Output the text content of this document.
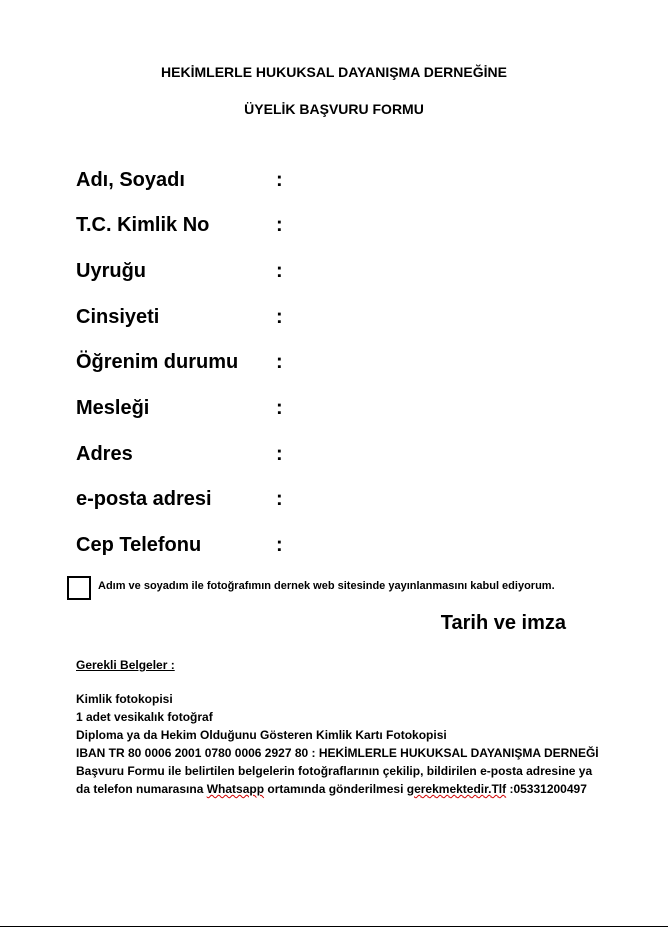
HEKİMLERLE HUKUKSAL DAYANIŞMA DERNEĞİNE
ÜYELİK BAŞVURU FORMU
Adı, Soyadı	:
T.C. Kimlik No	:
Uyruğu	:
Cinsiyeti	:
Öğrenim durumu :
Mesleği	:
Adres	:
e-posta adresi	:
Cep Telefonu	:
Adım ve soyadım ile fotoğrafımın dernek web sitesinde yayınlanmasını kabul ediyorum.
Tarih ve imza
Gerekli Belgeler :
Kimlik fotokopisi
1 adet vesikalık fotoğraf
Diploma ya da Hekim Olduğunu Gösteren Kimlik Kartı Fotokopisi
IBAN TR 80 0006 2001 0780 0006 2927 80 : HEKİMLERLE HUKUKSAL DAYANIŞMA DERNEĞİ
Başvuru Formu ile belirtilen belgelerin fotoğraflarının çekilip, bildirilen e-posta adresine ya
da telefon numarasına Whatsapp ortamında gönderilmesi gerekmektedir.Tlf :05331200497
